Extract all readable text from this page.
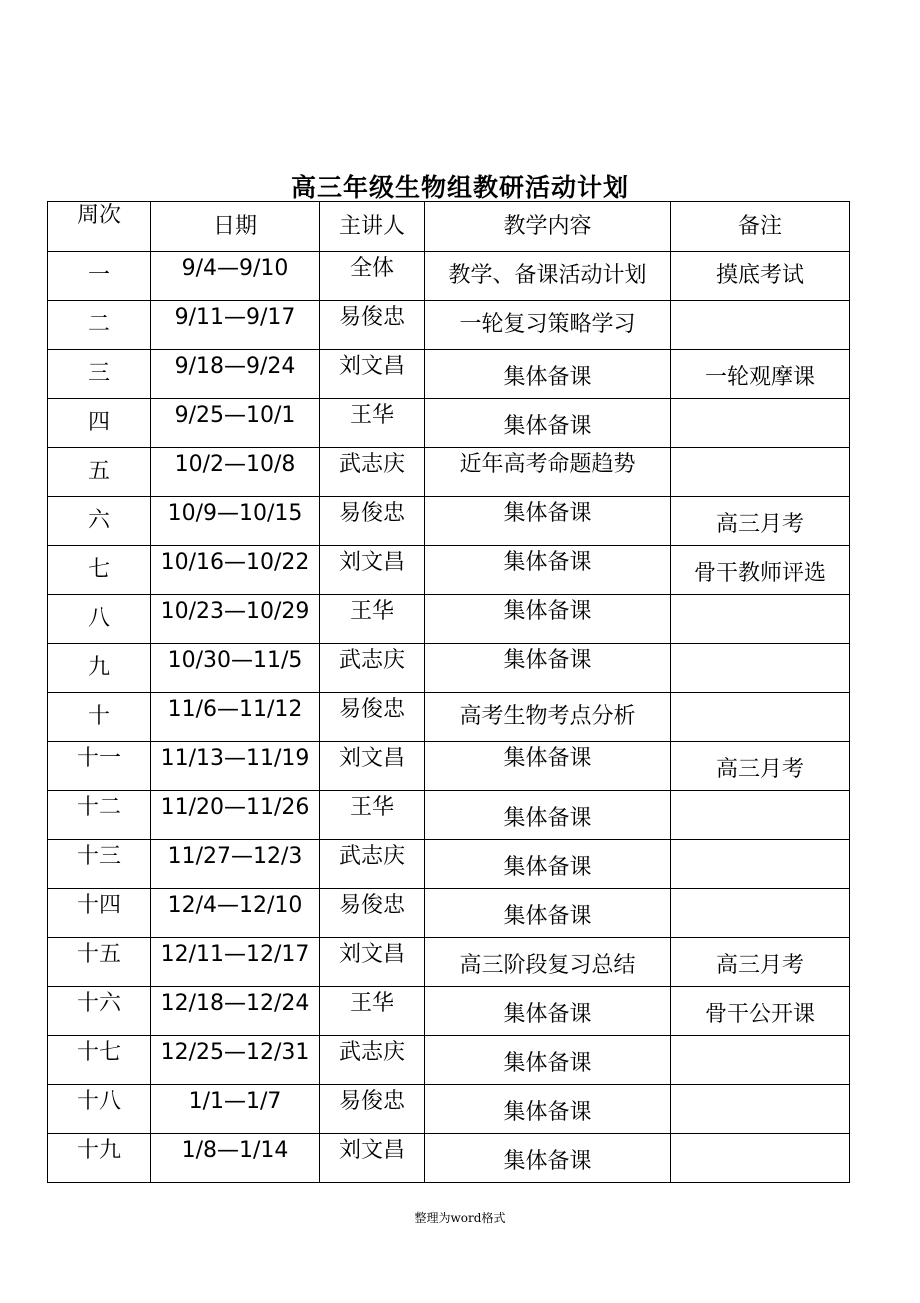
高三年级生物组教研活动计划
周次	日期	主讲人	教学内容	备注
一	9/4—9/10	全体	教学、备课活动计划	摸底考试
二	9/11—9/17	易俊忠	一轮复习策略学习	
三	9/18—9/24	刘文昌	集体备课	一轮观摩课
四	9/25—10/1	王华	集体备课	
五	10/2—10/8	武志庆	近年高考命题趋势	
六	10/9—10/15	易俊忠	集体备课	高三月考
七	10/16—10/22	刘文昌	集体备课	骨干教师评选
八	10/23—10/29	王华	集体备课	
九	10/30—11/5	武志庆	集体备课	
十	11/6—11/12	易俊忠	高考生物考点分析	
十一	11/13—11/19	刘文昌	集体备课	高三月考
十二	11/20—11/26	王华	集体备课	
十三	11/27—12/3	武志庆	集体备课	
十四	12/4—12/10	易俊忠	集体备课	
十五	12/11—12/17	刘文昌	高三阶段复习总结	高三月考
十六	12/18—12/24	王华	集体备课	骨干公开课
十七	12/25—12/31	武志庆	集体备课	
十八	1/1—1/7	易俊忠	集体备课	
十九	1/8—1/14	刘文昌	集体备课	
整理为word格式
